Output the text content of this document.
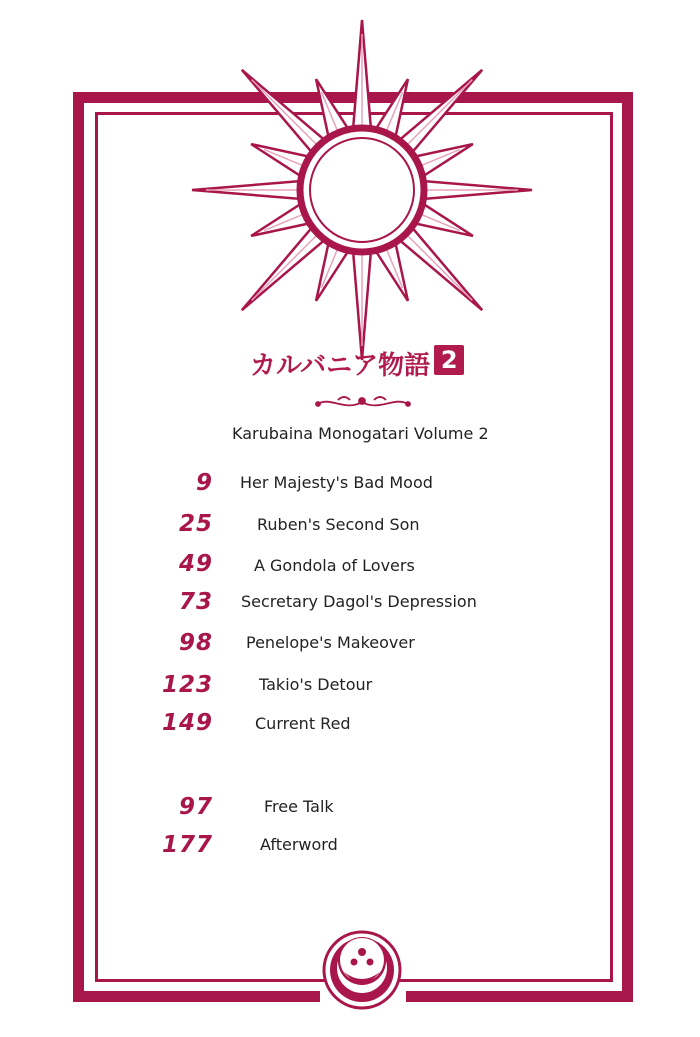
カルバニア物語 2
Karubaina Monogatari Volume 2
9 Her Majesty's Bad Mood
25	Ruben's Second Son
49	A Gondola of Lovers
73 Secretary Dagol's Depression
98 Penelope's Makeover
123	Takio's Detour
149	Current Red
97	Free Talk
177	Afterword
